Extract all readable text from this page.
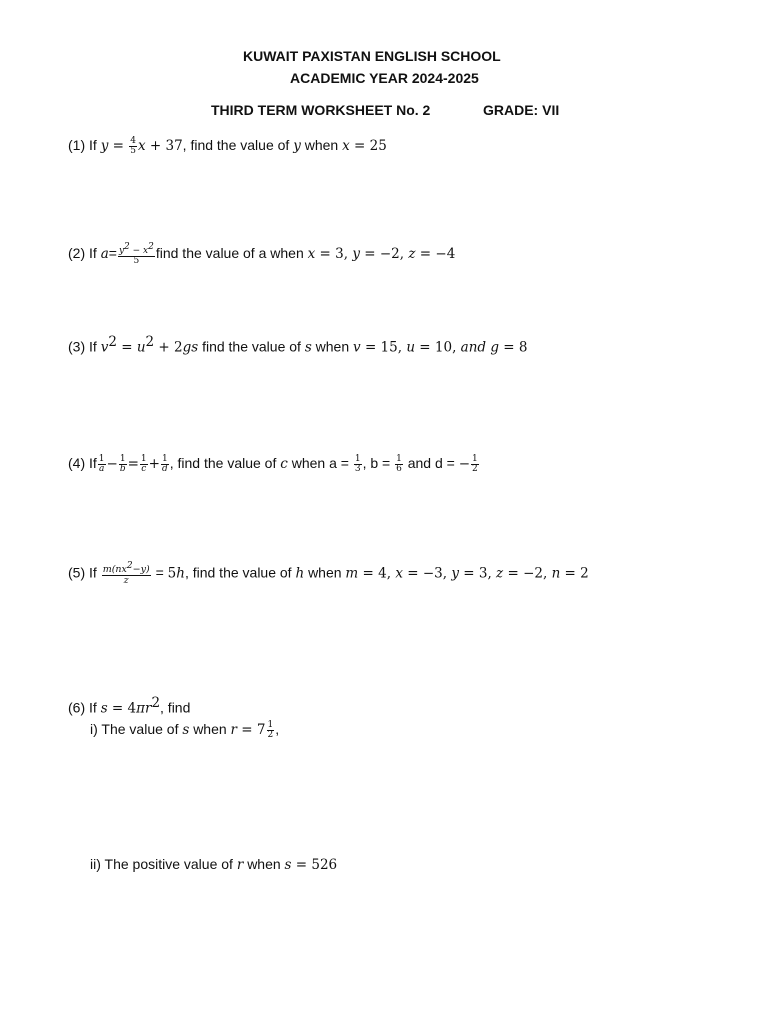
KUWAIT PAXISTAN ENGLISH SCHOOL
ACADEMIC YEAR 2024-2025
THIRD TERM WORKSHEET No. 2	GRADE: VII
(1) If $y = \frac{4}{5}$ x + 37, find the value of y when x = 25
(2) If $a= \frac{y^2 - x^2}{5}$ find the value of a when x = 3, y = −2, z = −4
(3) If $v^2 = u^2 + 2gs$ find the value of s when v = 15, u = 10, and g = 8
(4) If $\frac{1}{a} - \frac{1}{b} = \frac{1}{c} + \frac{1}{d}$ , find the value of c when $a = \frac{1}{3}$ , $b = \frac{1}{6}$ and d = − $\frac{1}{2}$
(5) If $\frac{m(nx^2-y)}{z} = 5h$, find the value of h when m = 4, x = −3, y = 3, z = −2, n = 2
(6) If $s = 4\pi r^2$, find
i) The value of s when $r = 7 \frac{1}{2}$ ,
ii) The positive value of r when s = 526
